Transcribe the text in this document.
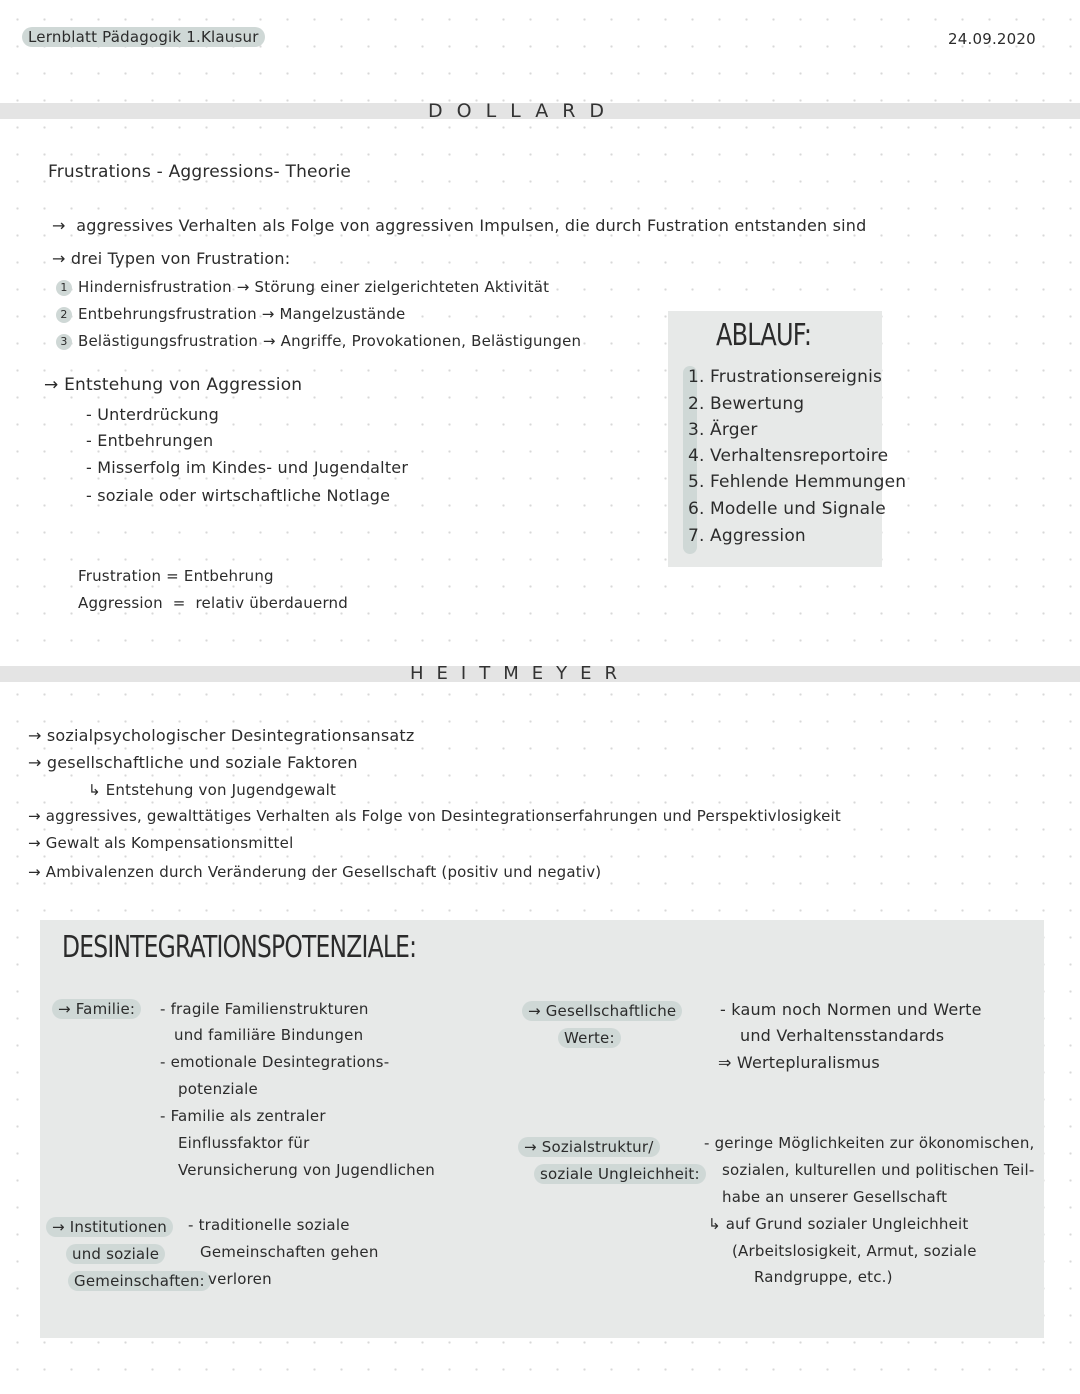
Lernblatt Pädagogik 1.Klausur	24.09.2020
DOLLARD
Frustrations - Aggressions- Theorie
→  aggressives Verhalten als Folge von aggressiven Impulsen, die durch Fustration entstanden sind
→ drei Typen von Frustration:
1 Hindernisfrustration → Störung einer zielgerichteten Aktivität
2 Entbehrungsfrustration → Mangelzustände
3 Belästigungsfrustration → Angriffe, Provokationen, Belästigungen
→ Entstehung von Aggression
- Unterdrückung
- Entbehrungen
- Misserfolg im Kindes- und Jugendalter
- soziale oder wirtschaftliche Notlage
Frustration = Entbehrung
Aggression = relativ überdauernd
ABLAUF:
1. Frustrationsereignis
2. Bewertung
3. Ärger
4. Verhaltensreportoire
5. Fehlende Hemmungen
6. Modelle und Signale
7. Aggression
HEITMEYER
→ sozialpsychologischer Desintegrationsansatz
→ gesellschaftliche und soziale Faktoren
↳ Entstehung von Jugendgewalt
→ aggressives, gewalttätiges Verhalten als Folge von Desintegrationserfahrungen und Perspektivlosigkeit
→ Gewalt als Kompensationsmittel
→ Ambivalenzen durch Veränderung der Gesellschaft (positiv und negativ)
DESINTEGRATIONSPOTENZIALE:
→ Familie:	- fragile Familienstrukturen
und familiäre Bindungen
- emotionale Desintegrations-
potenziale
- Familie als zentraler
Einflussfaktor für
Verunsicherung von Jugendlichen
→ Institutionen
und soziale
Gemeinschaften:
- traditionelle soziale
Gemeinschaften gehen
verloren
→ Gesellschaftliche
Werte:
- kaum noch Normen und Werte
und Verhaltensstandards
⇒ Wertepluralismus
→ Sozialstruktur/
soziale Ungleichheit:
- geringe Möglichkeiten zur ökonomischen,
sozialen, kulturellen und politischen Teil-
habe an unserer Gesellschaft
↳ auf Grund sozialer Ungleichheit
(Arbeitslosigkeit, Armut, soziale
Randgruppe, etc.)
